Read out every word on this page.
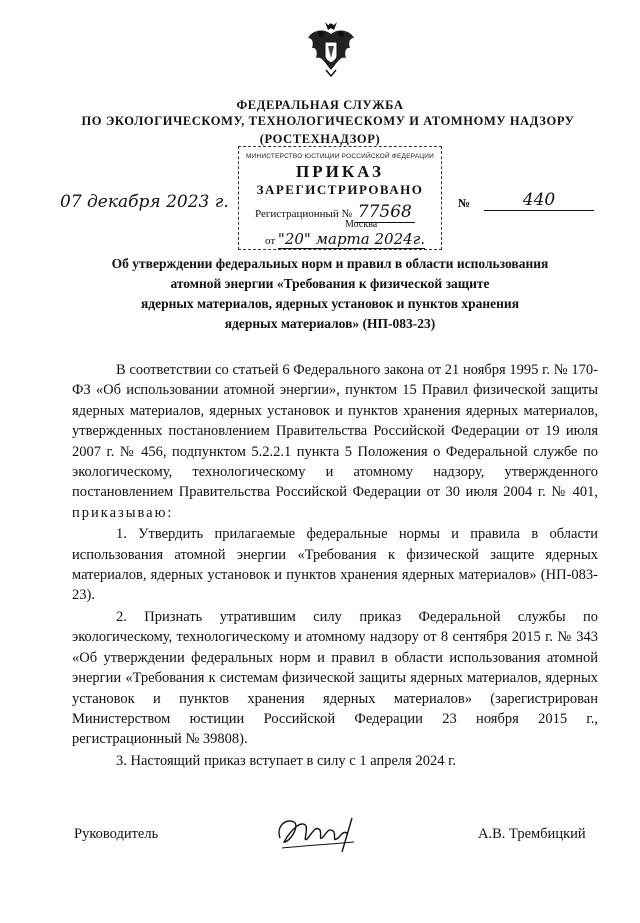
ФЕДЕРАЛЬНАЯ СЛУЖБА
ПО ЭКОЛОГИЧЕСКОМУ, ТЕХНОЛОГИЧЕСКОМУ И АТОМНОМУ НАДЗОРУ
(РОСТЕХНАДЗОР)
МИНИСТЕРСТВО ЮСТИЦИИ РОССИЙСКОЙ ФЕДЕРАЦИИ
ПРИКАЗ
ЗАРЕГИСТРИРОВАНО
Регистрационный № 77568
Москва
от "20" марта 2024г.
07 декабря 2023 г.	№	440
Об утверждении федеральных норм и правил в области использования
атомной энергии «Требования к физической защите
ядерных материалов, ядерных установок и пунктов хранения
ядерных материалов» (НП-083-23)

В соответствии со статьей 6 Федерального закона от 21 ноября 1995 г. № 170-ФЗ «Об использовании атомной энергии», пунктом 15 Правил физической защиты ядерных материалов, ядерных установок и пунктов хранения ядерных материалов, утвержденных постановлением Правительства Российской Федерации от 19 июля 2007 г. № 456, подпунктом 5.2.2.1 пункта 5 Положения о Федеральной службе по экологическому, технологическому и атомному надзору, утвержденного постановлением Правительства Российской Федерации от 30 июля 2004 г. № 401, приказываю:

1. Утвердить прилагаемые федеральные нормы и правила в области использования атомной энергии «Требования к физической защите ядерных материалов, ядерных установок и пунктов хранения ядерных материалов» (НП-083-23).

2. Признать утратившим силу приказ Федеральной службы по экологическому, технологическому и атомному надзору от 8 сентября 2015 г. № 343 «Об утверждении федеральных норм и правил в области использования атомной энергии «Требования к системам физической защиты ядерных материалов, ядерных установок и пунктов хранения ядерных материалов» (зарегистрирован Министерством юстиции Российской Федерации 23 ноября 2015 г., регистрационный № 39808).

3. Настоящий приказ вступает в силу с 1 апреля 2024 г.

Руководитель	А.В. Трембицкий
